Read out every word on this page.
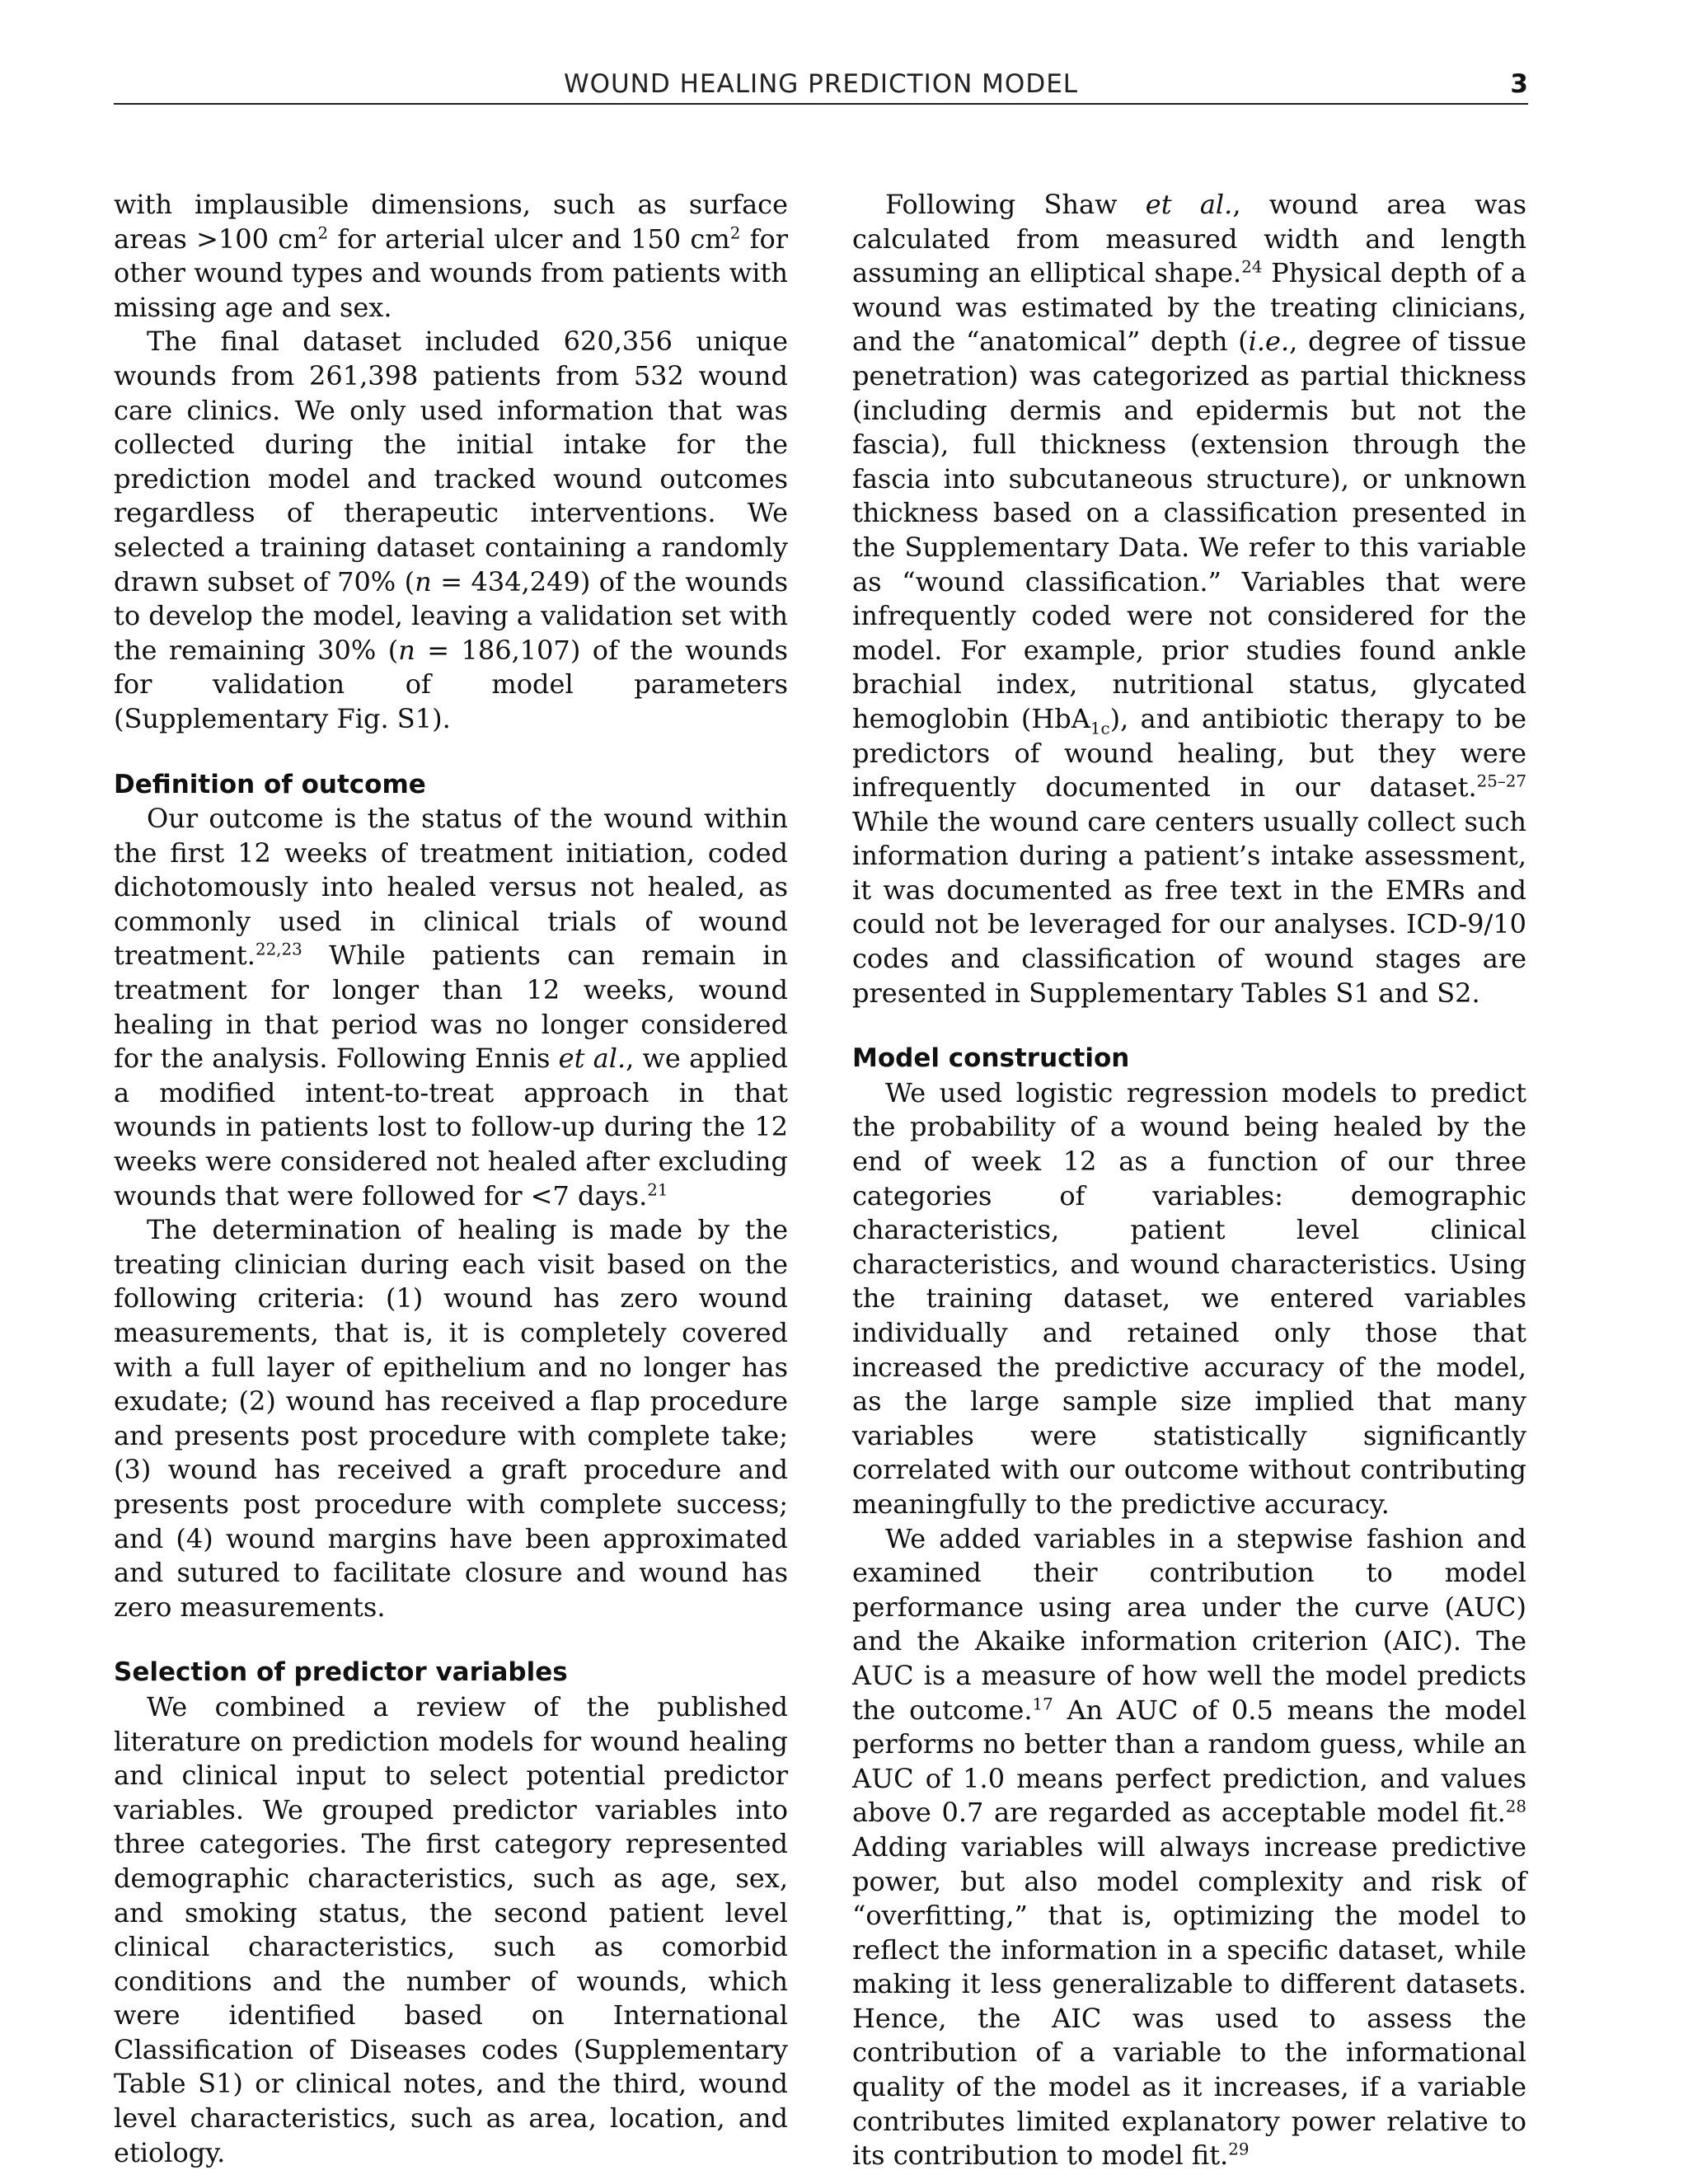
WOUND HEALING PREDICTION MODEL	3

with implausible dimensions, such as surface areas >100 $cm^2$ for arterial ulcer and 150 $cm^2$ for other wound types and wounds from patients with missing age and sex.

The final dataset included 620,356 unique wounds from 261,398 patients from 532 wound care clinics. We only used information that was collected during the initial intake for the prediction model and tracked wound outcomes regardless of therapeutic interventions. We selected a training dataset containing a randomly drawn subset of 70% (n = 434,249) of the wounds to develop the model, leaving a validation set with the remaining 30% (n = 186,107) of the wounds for validation of model parameters (Supplementary Fig. S1).

Definition of outcome

Our outcome is the status of the wound within the first 12 weeks of treatment initiation, coded dichotomously into healed versus not healed, as commonly used in clinical trials of wound treatment.$^{22,23}$ While patients can remain in treatment for longer than 12 weeks, wound healing in that period was no longer considered for the analysis. Following Ennis et al., we applied a modified intent-to-treat approach in that wounds in patients lost to follow-up during the 12 weeks were considered not healed after excluding wounds that were followed for <7 days.$^{21}$

The determination of healing is made by the treating clinician during each visit based on the following criteria: (1) wound has zero wound measurements, that is, it is completely covered with a full layer of epithelium and no longer has exudate; (2) wound has received a flap procedure and presents post procedure with complete take; (3) wound has received a graft procedure and presents post procedure with complete success; and (4) wound margins have been approximated and sutured to facilitate closure and wound has zero measurements.

Selection of predictor variables

We combined a review of the published literature on prediction models for wound healing and clinical input to select potential predictor variables. We grouped predictor variables into three categories. The first category represented demographic characteristics, such as age, sex, and smoking status, the second patient level clinical characteristics, such as comorbid conditions and the number of wounds, which were identified based on International Classification of Diseases codes (Supplementary Table S1) or clinical notes, and the third, wound level characteristics, such as area, location, and etiology.

Following Shaw et al., wound area was calculated from measured width and length assuming an elliptical shape.$^{24}$ Physical depth of a wound was estimated by the treating clinicians, and the “anatomical” depth (i.e., degree of tissue penetration) was categorized as partial thickness (including dermis and epidermis but not the fascia), full thickness (extension through the fascia into subcutaneous structure), or unknown thickness based on a classification presented in the Supplementary Data. We refer to this variable as “wound classification.” Variables that were infrequently coded were not considered for the model. For example, prior studies found ankle brachial index, nutritional status, glycated hemoglobin (HbA$_{1c}$), and antibiotic therapy to be predictors of wound healing, but they were infrequently documented in our dataset.$^{25-27}$ While the wound care centers usually collect such information during a patient’s intake assessment, it was documented as free text in the EMRs and could not be leveraged for our analyses. ICD-9/10 codes and classification of wound stages are presented in Supplementary Tables S1 and S2.

Model construction

We used logistic regression models to predict the probability of a wound being healed by the end of week 12 as a function of our three categories of variables: demographic characteristics, patient level clinical characteristics, and wound characteristics. Using the training dataset, we entered variables individually and retained only those that increased the predictive accuracy of the model, as the large sample size implied that many variables were statistically significantly correlated with our outcome without contributing meaningfully to the predictive accuracy.

We added variables in a stepwise fashion and examined their contribution to model performance using area under the curve (AUC) and the Akaike information criterion (AIC). The AUC is a measure of how well the model predicts the outcome.$^{17}$ An AUC of 0.5 means the model performs no better than a random guess, while an AUC of 1.0 means perfect prediction, and values above 0.7 are regarded as acceptable model fit.$^{28}$ Adding variables will always increase predictive power, but also model complexity and risk of “overfitting,” that is, optimizing the model to reflect the information in a specific dataset, while making it less generalizable to different datasets. Hence, the AIC was used to assess the contribution of a variable to the informational quality of the model as it increases, if a variable contributes limited explanatory power relative to its contribution to model fit.$^{29}$
